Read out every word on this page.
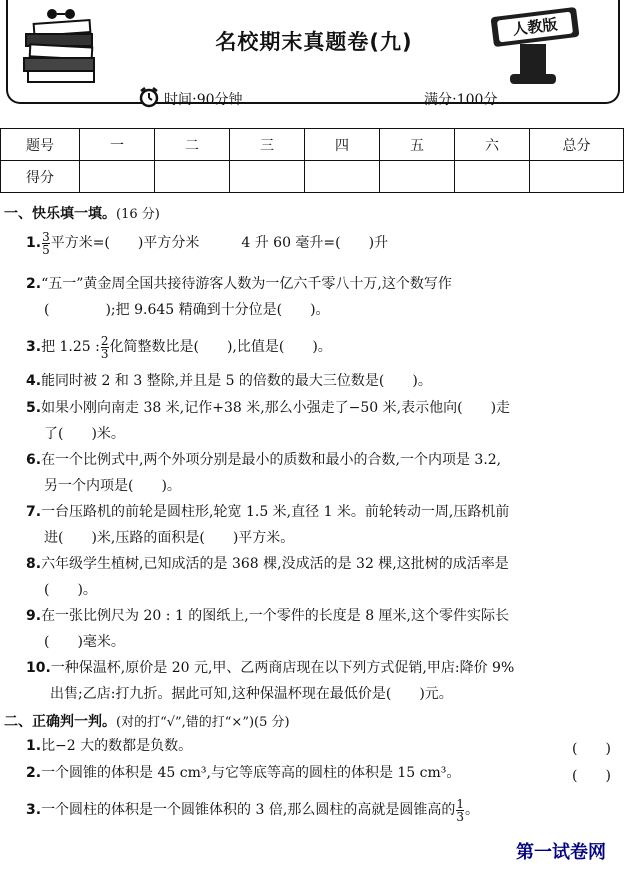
名校期末真题卷(九)
人教版
时间:90分钟	满分:100分
题号	一	二	三	四	五	六	总分
得分							
一、快乐填一填。(16 分)
1. $\frac{3}{5}$ 平方米=(　　)平方分米　　　4 升 60 毫升=(　　)升
2.“五一”黄金周全国共接待游客人数为一亿六千零八十万,这个数写作
(　　　　);把 9.645 精确到十分位是(　　)。
3.把 1.25 : $\frac{2}{3}$ 化简整数比是(　　),比值是(　　)。
4.能同时被 2 和 3 整除,并且是 5 的倍数的最大三位数是(　　)。
5.如果小刚向南走 38 米,记作+38 米,那么小强走了−50 米,表示他向(　　)走
了(　　)米。
6.在一个比例式中,两个外项分别是最小的质数和最小的合数,一个内项是 3.2,
另一个内项是(　　)。
7.一台压路机的前轮是圆柱形,轮宽 1.5 米,直径 1 米。前轮转动一周,压路机前
进(　　)米,压路的面积是(　　)平方米。
8.六年级学生植树,已知成活的是 368 棵,没成活的是 32 棵,这批树的成活率是
(　　)。
9.在一张比例尺为 20 : 1 的图纸上,一个零件的长度是 8 厘米,这个零件实际长
(　　)毫米。
10.一种保温杯,原价是 20 元,甲、乙两商店现在以下列方式促销,甲店:降价 9%
出售;乙店:打九折。据此可知,这种保温杯现在最低价是(　　)元。
二、正确判一判。(对的打“√”,错的打“×”)(5 分)
1.比−2 大的数都是负数。	(　　)
2.一个圆锥的体积是 45 cm³,与它等底等高的圆柱的体积是 15 cm³。	(　　)
3.一个圆柱的体积是一个圆锥体积的 3 倍,那么圆柱的高就是圆锥高的 $\frac{1}{3}$ 。
第一试卷网
